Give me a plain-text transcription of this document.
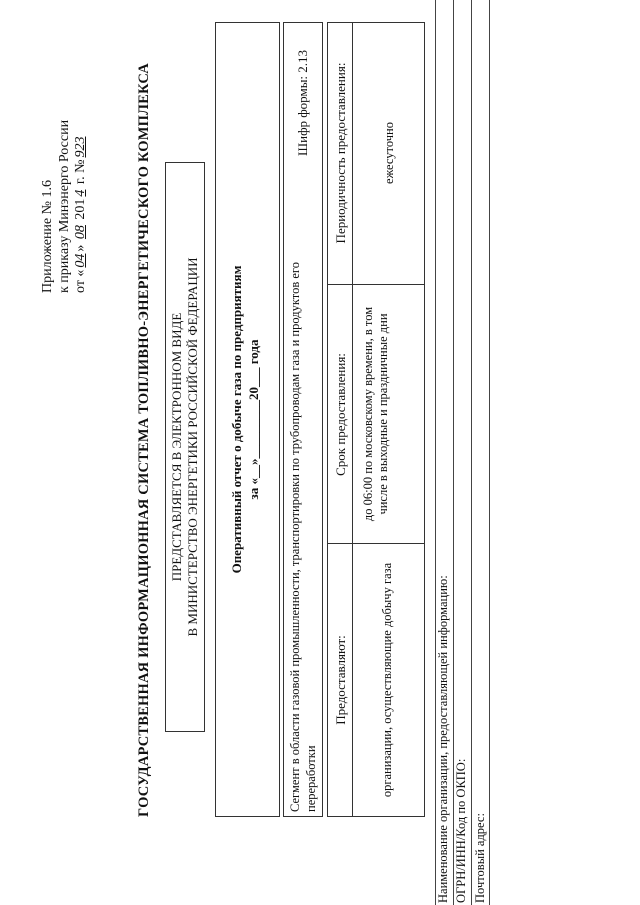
Приложение № 1.6 к приказу Минэнерго России от «04» 08 2014 г. №923	ГОСУДАРСТВЕННАЯ ИНФОРМАЦИОННАЯ СИСТЕМА ТОПЛИВНО-ЭНЕРГЕТИЧЕСКОГО КОМПЛЕКСА ПРЕДСТАВЛЯЕТСЯ В ЭЛЕКТРОННОМ ВИДЕ В МИНИСТЕРСТВО ЭНЕРГЕТИКИ РОССИЙСКОЙ ФЕДЕРАЦИИ Оперативный отчет о добыче газа по предприятиям за «__»_________20___ года Сегмент в области газовой промышленности, транспортировки по трубопроводам газа и продуктов его переработки
Шифр формы: 2.13
Предоставляют:
Срок предоставления:
Периодичность предоставления:
организации, осуществляющие добычу газа
до 06:00 по московскому времени, в том числе в выходные и праздничные дни
ежесуточно
Наименование организации, предоставляющей информацию: ОГРН/ИНН/Код по ОКПО: Почтовый адрес:
